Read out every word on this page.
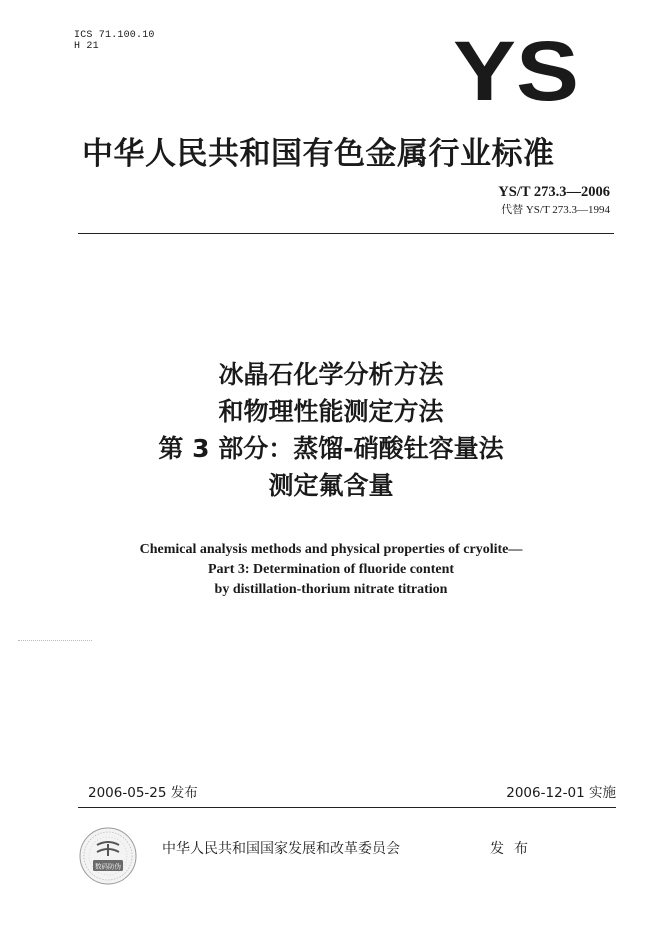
ICS 71.100.10
H 21	YS
中华人民共和国有色金属行业标准
YS/T 273.3—2006
代替 YS/T 273.3—1994
冰晶石化学分析方法
和物理性能测定方法
第 3 部分：蒸馏-硝酸钍容量法
测定氟含量
Chemical analysis methods and physical properties of cryolite—
Part 3: Determination of fluoride content
by distillation-thorium nitrate titration
2006-05-25 发布	2006-12-01 实施
数码防伪
中华人民共和国国家发展和改革委员会	发布
